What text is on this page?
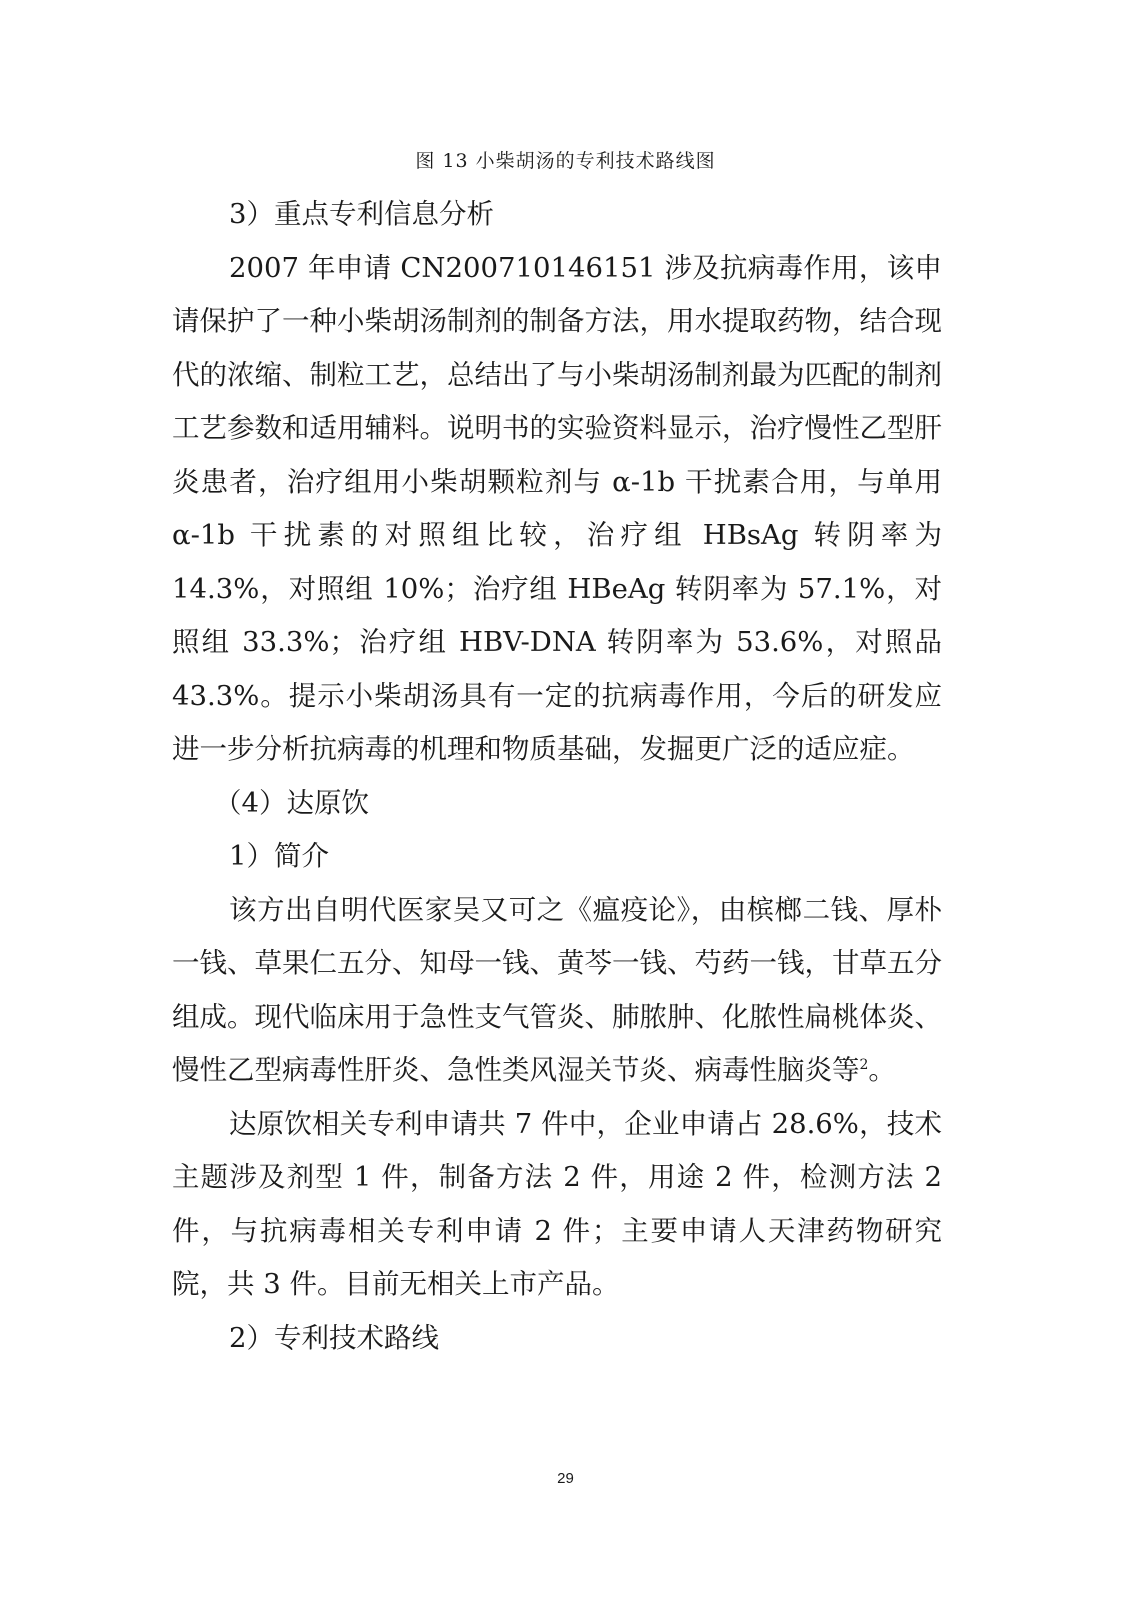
图 13 小柴胡汤的专利技术路线图

3）重点专利信息分析

2007 年申请 CN200710146151 涉及抗病毒作用，该申请保护了一种小柴胡汤制剂的制备方法，用水提取药物，结合现代的浓缩、制粒工艺，总结出了与小柴胡汤制剂最为匹配的制剂工艺参数和适用辅料。说明书的实验资料显示，治疗慢性乙型肝炎患者，治疗组用小柴胡颗粒剂与 α-1b 干扰素合用，与单用 α-1b 干扰素的对照组比较，治疗组 HBsAg 转阴率为 14.3%，对照组 10%；治疗组 HBeAg 转阴率为 57.1%，对照组 33.3%；治疗组 HBV-DNA 转阴率为 53.6%，对照品 43.3%。提示小柴胡汤具有一定的抗病毒作用，今后的研发应进一步分析抗病毒的机理和物质基础，发掘更广泛的适应症。

（4）达原饮

1）简介

该方出自明代医家吴又可之《瘟疫论》，由槟榔二钱、厚朴一钱、草果仁五分、知母一钱、黄芩一钱、芍药一钱，甘草五分组成。现代临床用于急性支气管炎、肺脓肿、化脓性扁桃体炎、慢性乙型病毒性肝炎、急性类风湿关节炎、病毒性脑炎等$^2$。

达原饮相关专利申请共 7 件中，企业申请占 28.6%，技术主题涉及剂型 1 件，制备方法 2 件，用途 2 件，检测方法 2 件，与抗病毒相关专利申请 2 件；主要申请人天津药物研究院，共 3 件。目前无相关上市产品。

2）专利技术路线

29
